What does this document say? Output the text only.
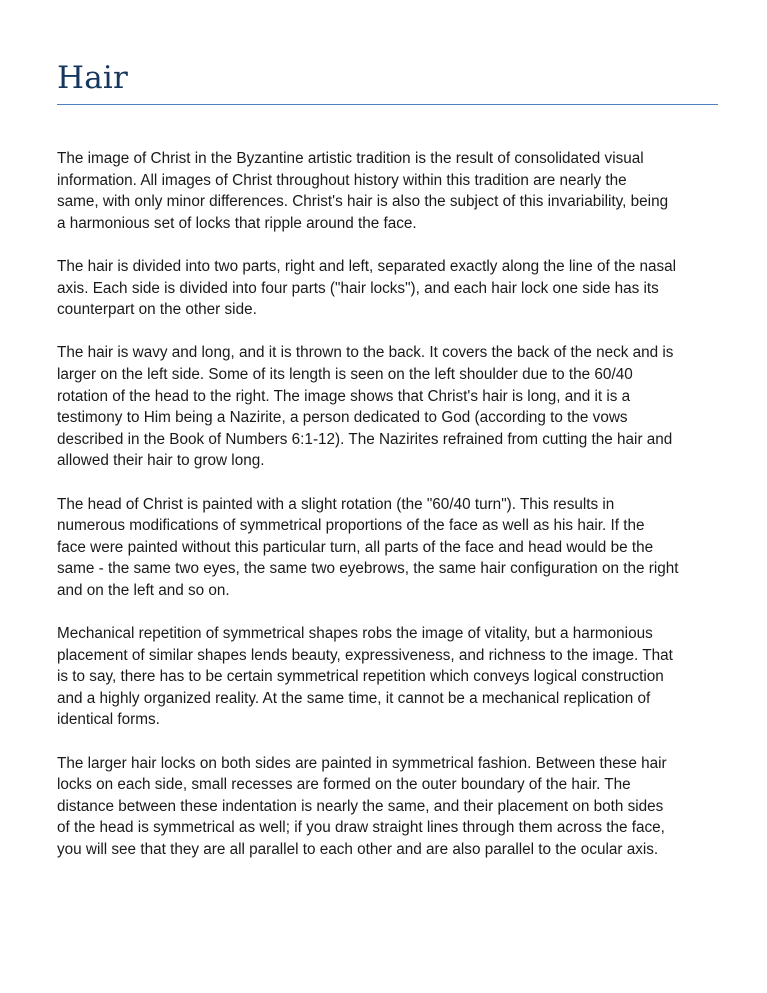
Hair

The image of Christ in the Byzantine artistic tradition is the result of consolidated visual
information. All images of Christ throughout history within this tradition are nearly the
same, with only minor differences. Christ's hair is also the subject of this invariability, being
a harmonious set of locks that ripple around the face.

The hair is divided into two parts, right and left, separated exactly along the line of the nasal
axis. Each side is divided into four parts ("hair locks"), and each hair lock one side has its
counterpart on the other side.

The hair is wavy and long, and it is thrown to the back. It covers the back of the neck and is
larger on the left side. Some of its length is seen on the left shoulder due to the 60/40
rotation of the head to the right. The image shows that Christ's hair is long, and it is a
testimony to Him being a Nazirite, a person dedicated to God (according to the vows
described in the Book of Numbers 6:1-12). The Nazirites refrained from cutting the hair and
allowed their hair to grow long.

The head of Christ is painted with a slight rotation (the "60/40 turn"). This results in
numerous modifications of symmetrical proportions of the face as well as his hair. If the
face were painted without this particular turn, all parts of the face and head would be the
same - the same two eyes, the same two eyebrows, the same hair configuration on the right
and on the left and so on.

Mechanical repetition of symmetrical shapes robs the image of vitality, but a harmonious
placement of similar shapes lends beauty, expressiveness, and richness to the image. That
is to say, there has to be certain symmetrical repetition which conveys logical construction
and a highly organized reality. At the same time, it cannot be a mechanical replication of
identical forms.

The larger hair locks on both sides are painted in symmetrical fashion. Between these hair
locks on each side, small recesses are formed on the outer boundary of the hair. The
distance between these indentation is nearly the same, and their placement on both sides
of the head is symmetrical as well; if you draw straight lines through them across the face,
you will see that they are all parallel to each other and are also parallel to the ocular axis.
